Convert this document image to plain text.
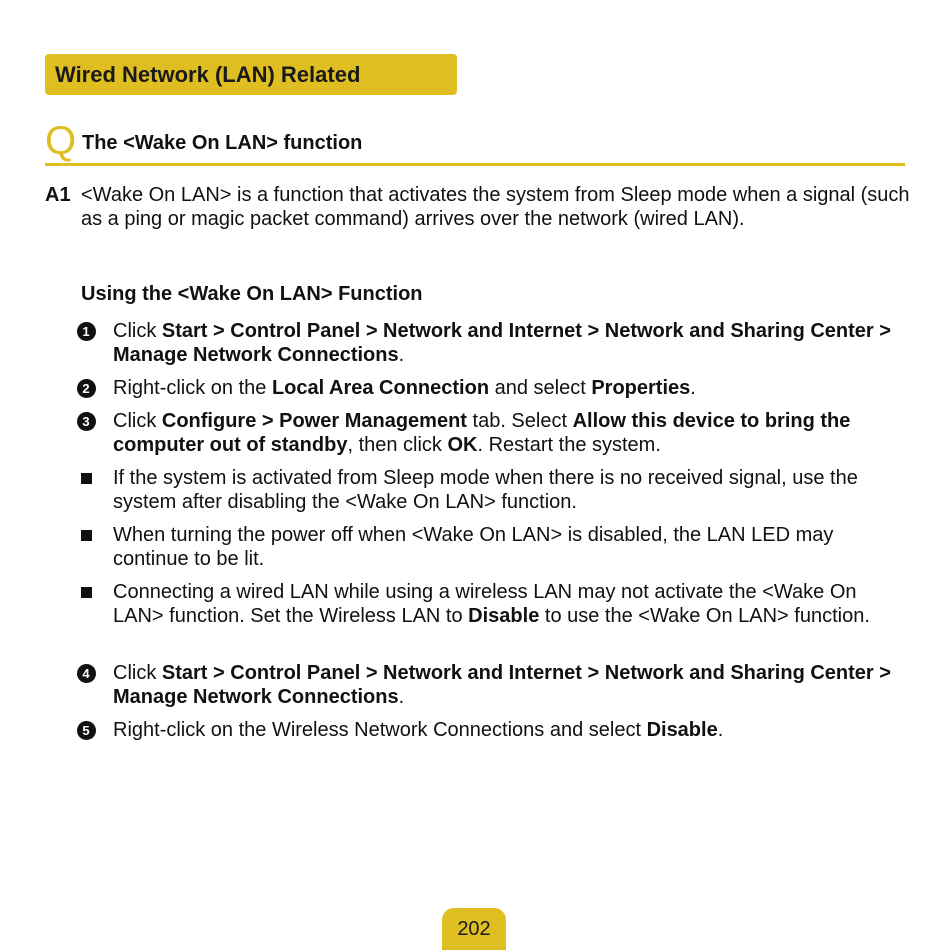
Wired Network (LAN) Related
Q The <Wake On LAN> function
A1 <Wake On LAN> is a function that activates the system from Sleep mode when a signal (such as a ping or magic packet command) arrives over the network (wired LAN).
Using the <Wake On LAN> Function
1 Click Start > Control Panel > Network and Internet > Network and Sharing Center > Manage Network Connections.
2 Right-click on the Local Area Connection and select Properties.
3 Click Configure > Power Management tab. Select Allow this device to bring the computer out of standby, then click OK. Restart the system.
If the system is activated from Sleep mode when there is no received signal, use the system after disabling the <Wake On LAN> function.
When turning the power off when <Wake On LAN> is disabled, the LAN LED may continue to be lit.
Connecting a wired LAN while using a wireless LAN may not activate the <Wake On LAN> function. Set the Wireless LAN to Disable to use the <Wake On LAN> function.
4 Click Start > Control Panel > Network and Internet > Network and Sharing Center > Manage Network Connections.
5 Right-click on the Wireless Network Connections and select Disable.
202
